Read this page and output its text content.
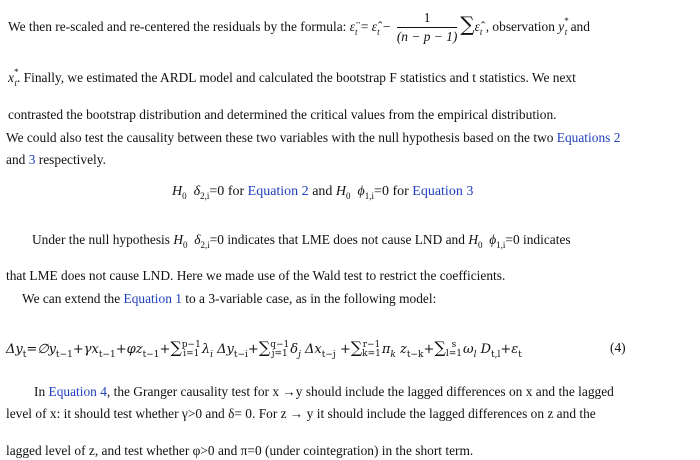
We then re-scaled and re-centered the residuals by the formula: $\varepsilon̈_t$ = $\varepsilon̂_t - \frac{1}{(n - p - 1)}$ $\sum\varepsilon̂_t$ , observation $y^*_t$ and
$x^*_t$. Finally, we estimated the ARDL model and calculated the bootstrap F statistics and t statistics. We next
contrasted the bootstrap distribution and determined the critical values from the empirical distribution.
We could also test the causality between these two variables with the null hypothesis based on the two Equations 2
and 3 respectively.
$H_0$ $\delta_{2,i}=0$ for Equation 2 and $H_0$ $\phi_{1,i}=0$ for Equation 3
Under the null hypothesis $H_0$ $\delta_{2,i}=0$ indicates that LME does not cause LND and $H_0$ $\phi_{1,i}=0$ indicates
that LME does not cause LND. Here we made use of the Wald test to restrict the coefficients.
We can extend the Equation 1 to a 3-variable case, as in the following model:
$\Delta y_t=\emptyset y_{t-1}+\gamma x_{t-1}+\varphi z_{t-1}+\sum p-1$
i=1 $\lambda_i$ $\Delta y_{t-i}+\sum q-1$
j=1 $\delta_j$ $\Delta x_{t-j} +\sum r-1$
$k=1\pi_k$ $z_{t-k}+\sum$ s
$l=1\omega_l$ $D_{t,l}+\varepsilon_t$	(4)
In Equation 4, the Granger causality test for x →y should include the lagged differences on x and the lagged
level of x: it should test whether γ>0 and δ= 0. For z → y it should include the lagged differences on z and the
lagged level of z, and test whether φ>0 and π=0 (under cointegration) in the short term.
